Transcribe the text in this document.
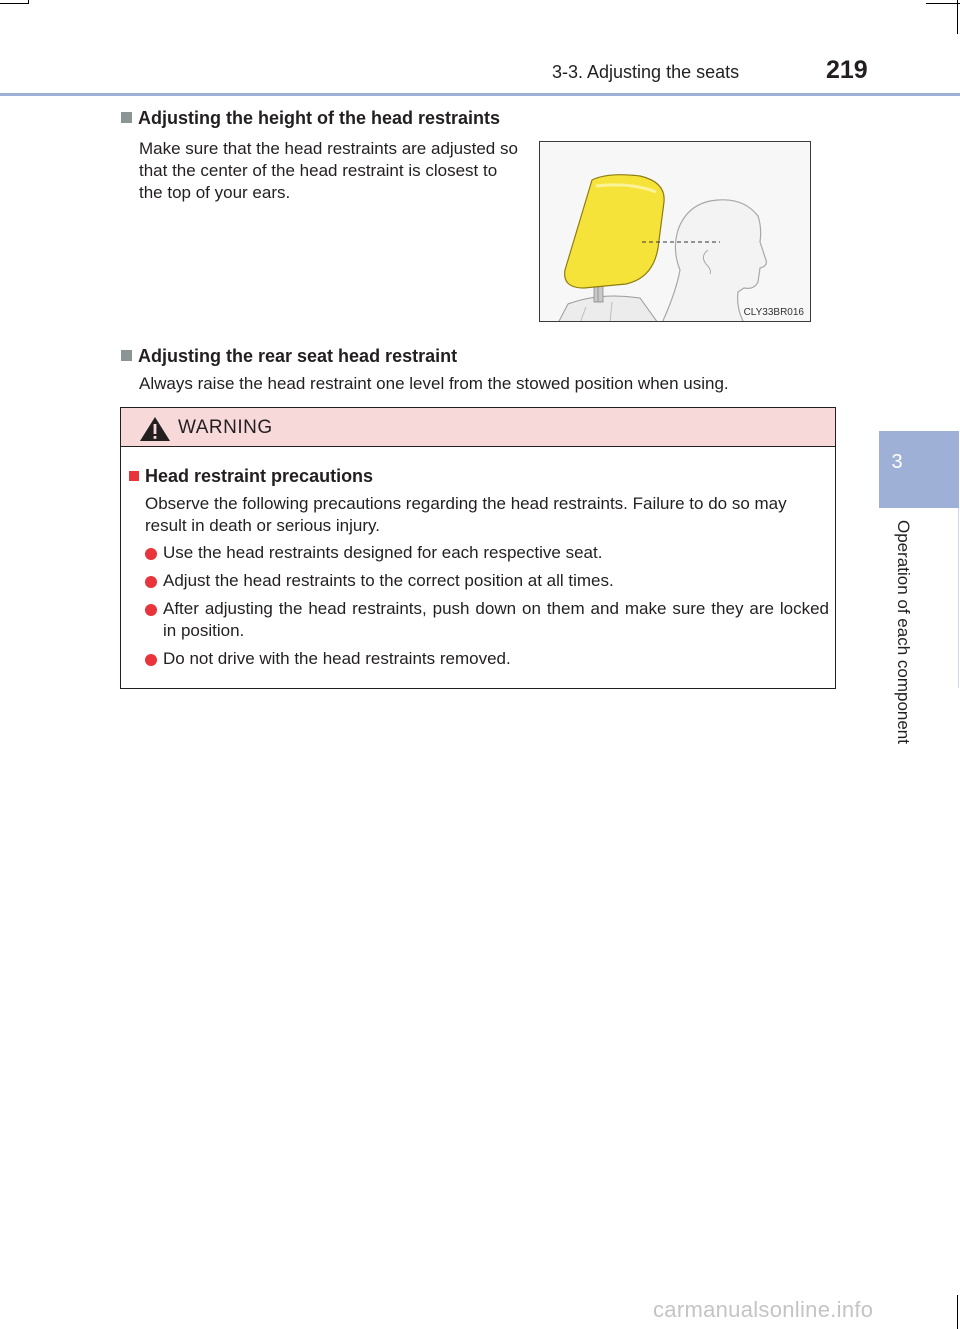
3-3. Adjusting the seats	219
3
Operation of each component
Adjusting the height of the head restraints
Make sure that the head restraints are adjusted so that the center of the head restraint is closest to the top of your ears.
CLY33BR016
Adjusting the rear seat head restraint
Always raise the head restraint one level from the stowed position when using.
WARNING
Head restraint precautions
Observe the following precautions regarding the head restraints. Failure to do so may result in death or serious injury.
Use the head restraints designed for each respective seat.
Adjust the head restraints to the correct position at all times.
After adjusting the head restraints, push down on them and make sure they are locked in position.
Do not drive with the head restraints removed.
carmanualsonline.info
